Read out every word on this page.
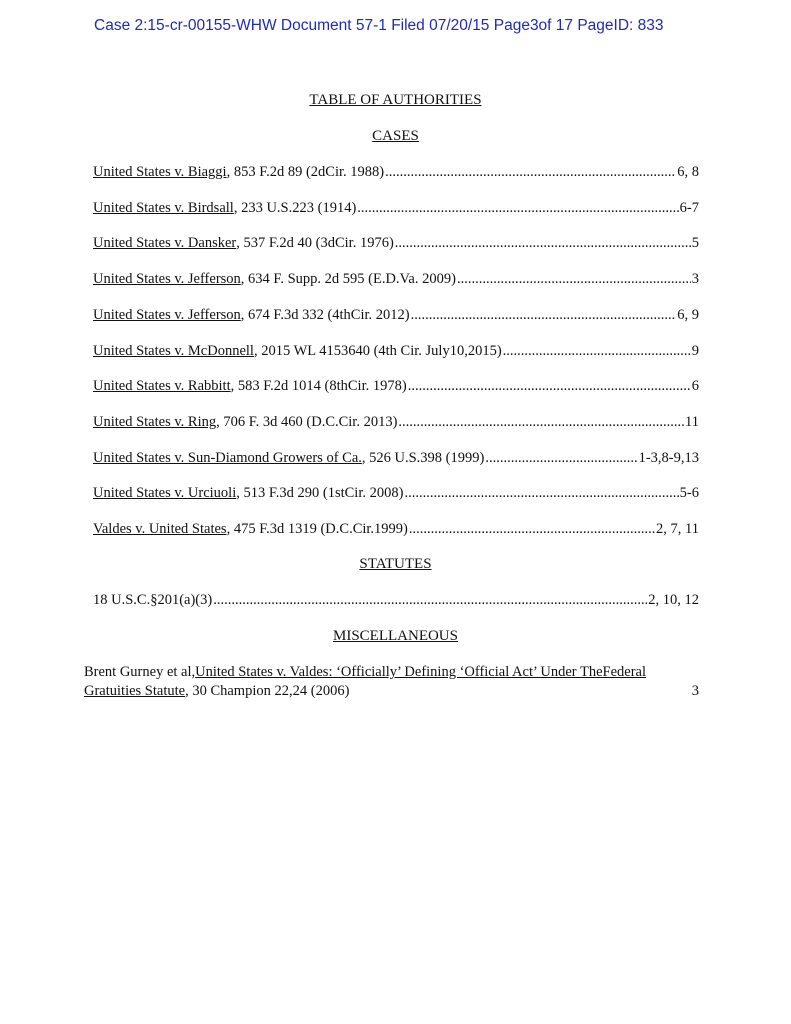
Case 2:15-cr-00155-WHW Document 57-1 Filed 07/20/15 Page3of 17 PageID: 833
TABLE OF AUTHORITIES
CASES
United States v. Biaggi , 853 F.2d 89 (2dCir. 1988) .....	6, 8
United States v. Birdsall , 233 U.S.223 (1914) .....	6-7
United States v. Dansker , 537 F.2d 40 (3dCir. 1976) .....	5
United States v. Jefferson , 634 F. Supp. 2d 595 (E.D.Va. 2009) .....	3
United States v. Jefferson , 674 F.3d 332 (4thCir. 2012) .....	6, 9
United States v. McDonnell , 2015 WL 4153640 (4th Cir. July10,2015) .....	9
United States v. Rabbitt , 583 F.2d 1014 (8thCir. 1978) .....	6
United States v. Ring , 706 F. 3d 460 (D.C.Cir. 2013) .....	11
United States v. Sun-Diamond Growers of Ca. , 526 U.S.398 (1999) .....	1-3,8-9,13
United States v. Urciuoli , 513 F.3d 290 (1stCir. 2008) .....	5-6
Valdes v. United States , 475 F.3d 1319 (D.C.Cir.1999) .....	2, 7, 11
STATUTES
18 U.S.C.§201(a)(3) .....	2, 10, 12
MISCELLANEOUS
Brent Gurney et al,United States v. Valdes: ‘Officially’ Defining ‘Official Act’ Under TheFederal
Gratuities Statute , 30 Champion 22,24 (2006)	3
